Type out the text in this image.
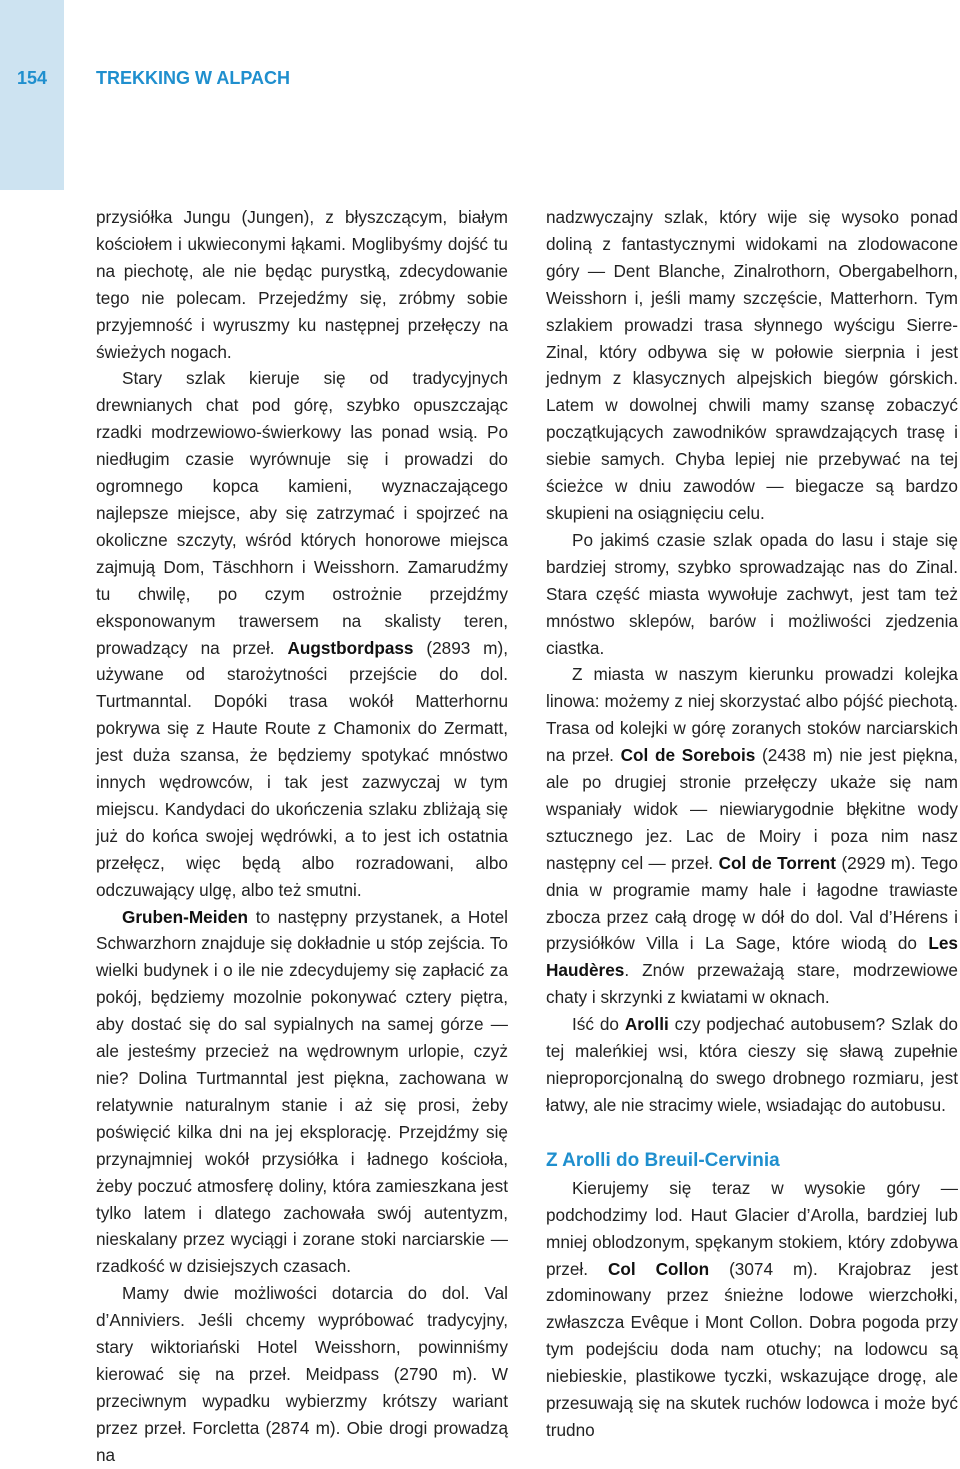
154	TREKKING W ALPACH

przysiółka Jungu (Jungen), z błyszczącym, białym kościołem i ukwieconymi łąkami. Moglibyśmy dojść tu na piechotę, ale nie będąc purystką, zdecydowanie tego nie polecam. Przejedźmy się, zróbmy sobie przyjemność i wyruszmy ku następnej przełęczy na świeżych nogach.

Stary szlak kieruje się od tradycyjnych drewnianych chat pod górę, szybko opuszczając rzadki modrzewiowo-świerkowy las ponad wsią. Po niedługim czasie wyrównuje się i prowadzi do ogromnego kopca kamieni, wyznaczającego najlepsze miejsce, aby się zatrzymać i spojrzeć na okoliczne szczyty, wśród których honorowe miejsca zajmują Dom, Täschhorn i Weisshorn. Zamarudźmy tu chwilę, po czym ostrożnie przejdźmy eksponowanym trawersem na skalisty teren, prowadzący na przeł. Augstbordpass (2893 m), używane od starożytności przejście do dol. Turtmanntal. Dopóki trasa wokół Matterhornu pokrywa się z Haute Route z Chamonix do Zermatt, jest duża szansa, że będziemy spotykać mnóstwo innych wędrowców, i tak jest zazwyczaj w tym miejscu. Kandydaci do ukończenia szlaku zbliżają się już do końca swojej wędrówki, a to jest ich ostatnia przełęcz, więc będą albo rozradowani, albo odczuwający ulgę, albo też smutni.

Gruben-Meiden to następny przystanek, a Hotel Schwarzhorn znajduje się dokładnie u stóp zejścia. To wielki budynek i o ile nie zdecydujemy się zapłacić za pokój, będziemy mozolnie pokonywać cztery piętra, aby dostać się do sal sypialnych na samej górze — ale jesteśmy przecież na wędrownym urlopie, czyż nie? Dolina Turtmanntal jest piękna, zachowana w relatywnie naturalnym stanie i aż się prosi, żeby poświęcić kilka dni na jej eksplorację. Przejdźmy się przynajmniej wokół przysiółka i ładnego kościoła, żeby poczuć atmosferę doliny, która zamieszkana jest tylko latem i dlatego zachowała swój autentyzm, nieskalany przez wyciągi i zorane stoki narciarskie — rzadkość w dzisiejszych czasach.

Mamy dwie możliwości dotarcia do dol. Val d’Anniviers. Jeśli chcemy wypróbować tradycyjny, stary wiktoriański Hotel Weisshorn, powinniśmy kierować się na przeł. Meidpass (2790 m). W przeciwnym wypadku wybierzmy krótszy wariant przez przeł. Forcletta (2874 m). Obie drogi prowadzą na

nadzwyczajny szlak, który wije się wysoko ponad doliną z fantastycznymi widokami na zlodowacone góry — Dent Blanche, Zinalrothorn, Obergabelhorn, Weisshorn i, jeśli mamy szczęście, Matterhorn. Tym szlakiem prowadzi trasa słynnego wyścigu Sierre-Zinal, który odbywa się w połowie sierpnia i jest jednym z klasycznych alpejskich biegów górskich. Latem w dowolnej chwili mamy szansę zobaczyć początkujących zawodników sprawdzających trasę i siebie samych. Chyba lepiej nie przebywać na tej ścieżce w dniu zawodów — biegacze są bardzo skupieni na osiągnięciu celu.

Po jakimś czasie szlak opada do lasu i staje się bardziej stromy, szybko sprowadzając nas do Zinal. Stara część miasta wywołuje zachwyt, jest tam też mnóstwo sklepów, barów i możliwości zjedzenia ciastka.

Z miasta w naszym kierunku prowadzi kolejka linowa: możemy z niej skorzystać albo pójść piechotą. Trasa od kolejki w górę zoranych stoków narciarskich na przeł. Col de Sorebois (2438 m) nie jest piękna, ale po drugiej stronie przełęczy ukaże się nam wspaniały widok — niewiarygodnie błękitne wody sztucznego jez. Lac de Moiry i poza nim nasz następny cel — przeł. Col de Torrent (2929 m). Tego dnia w programie mamy hale i łagodne trawiaste zbocza przez całą drogę w dół do dol. Val d’Hérens i przysiółków Villa i La Sage, które wiodą do Les Haudères. Znów przeważają stare, modrzewiowe chaty i skrzynki z kwiatami w oknach.

Iść do Arolli czy podjechać autobusem? Szlak do tej maleńkiej wsi, która cieszy się sławą zupełnie nieproporcjonalną do swego drobnego rozmiaru, jest łatwy, ale nie stracimy wiele, wsiadając do autobusu.

Z Arolli do Breuil-Cervinia

Kierujemy się teraz w wysokie góry — podchodzimy lod. Haut Glacier d’Arolla, bardziej lub mniej oblodzonym, spękanym stokiem, który zdobywa przeł. Col Collon (3074 m). Krajobraz jest zdominowany przez śnieżne lodowe wierzchołki, zwłaszcza Evêque i Mont Collon. Dobra pogoda przy tym podejściu doda nam otuchy; na lodowcu są niebieskie, plastikowe tyczki, wskazujące drogę, ale przesuwają się na skutek ruchów lodowca i może być trudno
